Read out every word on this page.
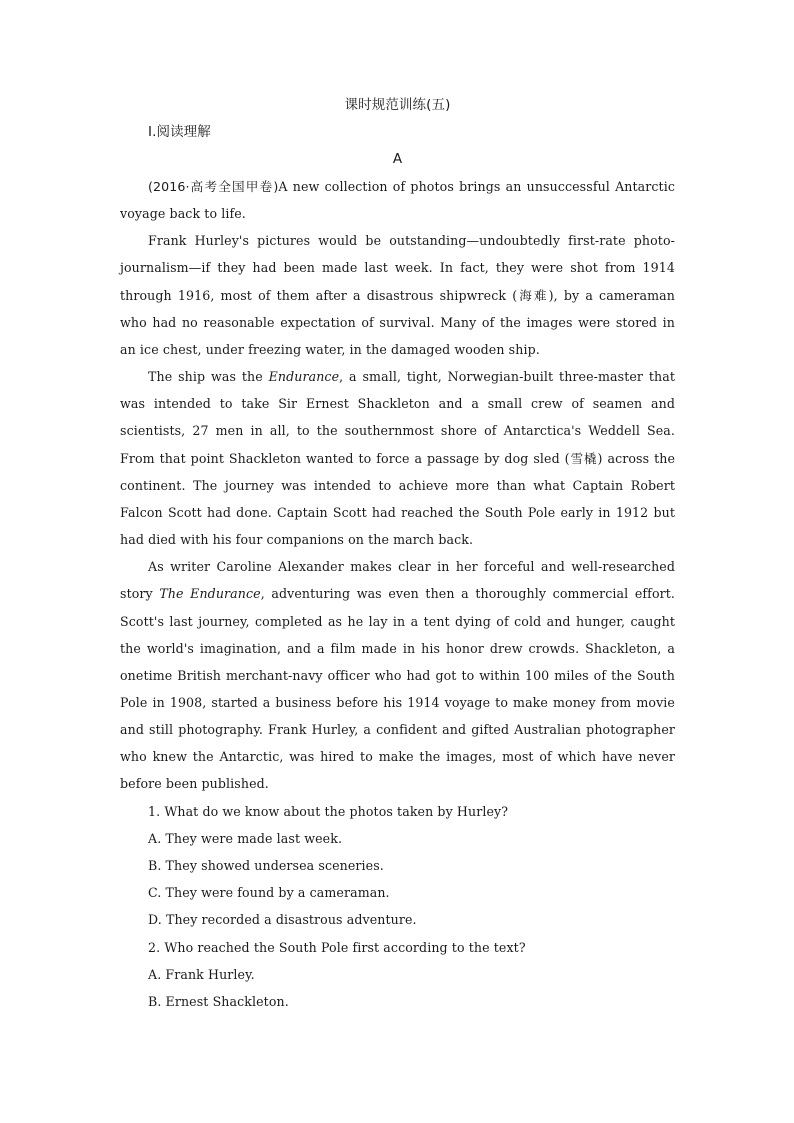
课时规范训练(五)
Ⅰ.阅读理解
A

(2016·高考全国甲卷)A new collection of photos brings an unsuccessful Antarctic voyage back to life.

Frank Hurley's pictures would be outstanding—undoubtedly first-rate photo-journalism—if they had been made last week. In fact, they were shot from 1914 through 1916, most of them after a disastrous shipwreck (海难), by a cameraman who had no reasonable expectation of survival. Many of the images were stored in an ice chest, under freezing water, in the damaged wooden ship.

The ship was the Endurance, a small, tight, Norwegian-built three-master that was intended to take Sir Ernest Shackleton and a small crew of seamen and scientists, 27 men in all, to the southernmost shore of Antarctica's Weddell Sea. From that point Shackleton wanted to force a passage by dog sled (雪橇) across the continent. The journey was intended to achieve more than what Captain Robert Falcon Scott had done. Captain Scott had reached the South Pole early in 1912 but had died with his four companions on the march back.

As writer Caroline Alexander makes clear in her forceful and well-researched story The Endurance, adventuring was even then a thoroughly commercial effort. Scott's last journey, completed as he lay in a tent dying of cold and hunger, caught the world's imagination, and a film made in his honor drew crowds. Shackleton, a onetime British merchant-navy officer who had got to within 100 miles of the South Pole in 1908, started a business before his 1914 voyage to make money from movie and still photography. Frank Hurley, a confident and gifted Australian photographer who knew the Antarctic, was hired to make the images, most of which have never before been published.

1. What do we know about the photos taken by Hurley?
A. They were made last week.
B. They showed undersea sceneries.
C. They were found by a cameraman.
D. They recorded a disastrous adventure.
2. Who reached the South Pole first according to the text?
A. Frank Hurley.
B. Ernest Shackleton.
